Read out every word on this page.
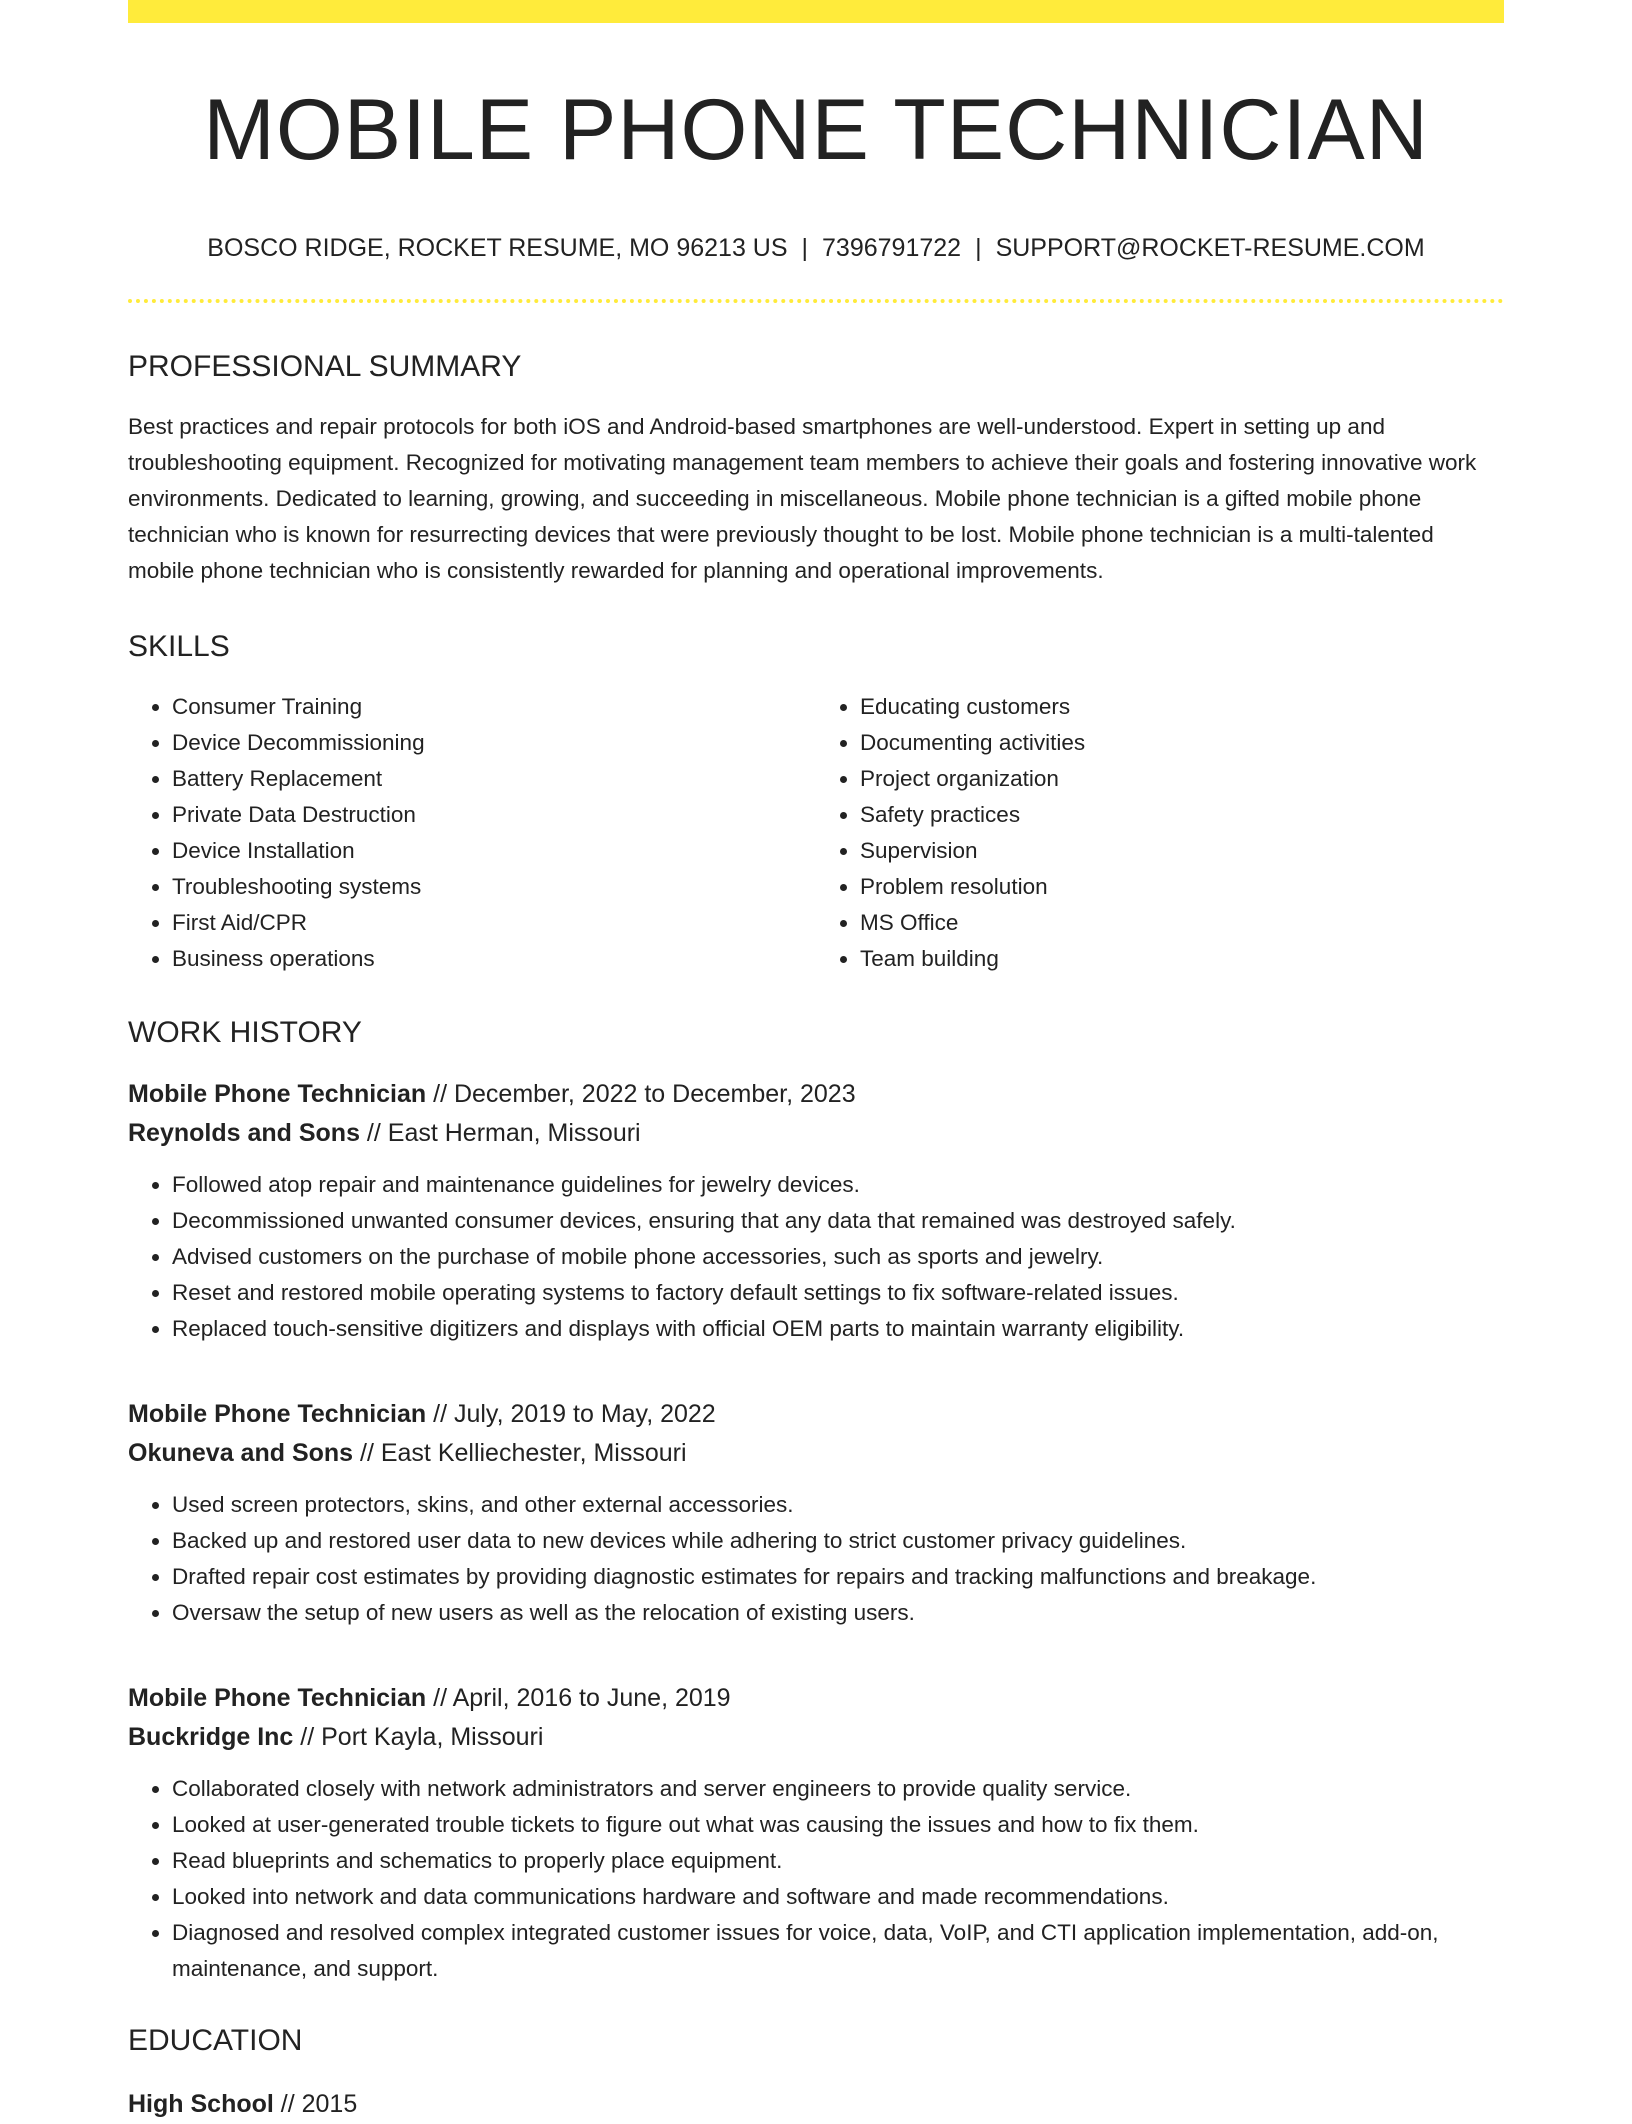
MOBILE PHONE TECHNICIAN
BOSCO RIDGE, ROCKET RESUME, MO 96213 US | 7396791722 | SUPPORT@ROCKET-RESUME.COM
PROFESSIONAL SUMMARY
Best practices and repair protocols for both iOS and Android-based smartphones are well-understood. Expert in setting up and troubleshooting equipment. Recognized for motivating management team members to achieve their goals and fostering innovative work environments. Dedicated to learning, growing, and succeeding in miscellaneous. Mobile phone technician is a gifted mobile phone technician who is known for resurrecting devices that were previously thought to be lost. Mobile phone technician is a multi-talented mobile phone technician who is consistently rewarded for planning and operational improvements.
SKILLS
• Consumer Training
• Device Decommissioning
• Battery Replacement
• Private Data Destruction
• Device Installation
• Troubleshooting systems
• First Aid/CPR
• Business operations
• Educating customers
• Documenting activities
• Project organization
• Safety practices
• Supervision
• Problem resolution
• MS Office
• Team building
WORK HISTORY
Mobile Phone Technician // December, 2022 to December, 2023
Reynolds and Sons // East Herman, Missouri
• Followed atop repair and maintenance guidelines for jewelry devices.
• Decommissioned unwanted consumer devices, ensuring that any data that remained was destroyed safely.
• Advised customers on the purchase of mobile phone accessories, such as sports and jewelry.
• Reset and restored mobile operating systems to factory default settings to fix software-related issues.
• Replaced touch-sensitive digitizers and displays with official OEM parts to maintain warranty eligibility.
Mobile Phone Technician // July, 2019 to May, 2022
Okuneva and Sons // East Kelliechester, Missouri
• Used screen protectors, skins, and other external accessories.
• Backed up and restored user data to new devices while adhering to strict customer privacy guidelines.
• Drafted repair cost estimates by providing diagnostic estimates for repairs and tracking malfunctions and breakage.
• Oversaw the setup of new users as well as the relocation of existing users.
Mobile Phone Technician // April, 2016 to June, 2019
Buckridge Inc // Port Kayla, Missouri
• Collaborated closely with network administrators and server engineers to provide quality service.
• Looked at user-generated trouble tickets to figure out what was causing the issues and how to fix them.
• Read blueprints and schematics to properly place equipment.
• Looked into network and data communications hardware and software and made recommendations.
• Diagnosed and resolved complex integrated customer issues for voice, data, VoIP, and CTI application implementation, add-on, maintenance, and support.
EDUCATION
High School // 2015
